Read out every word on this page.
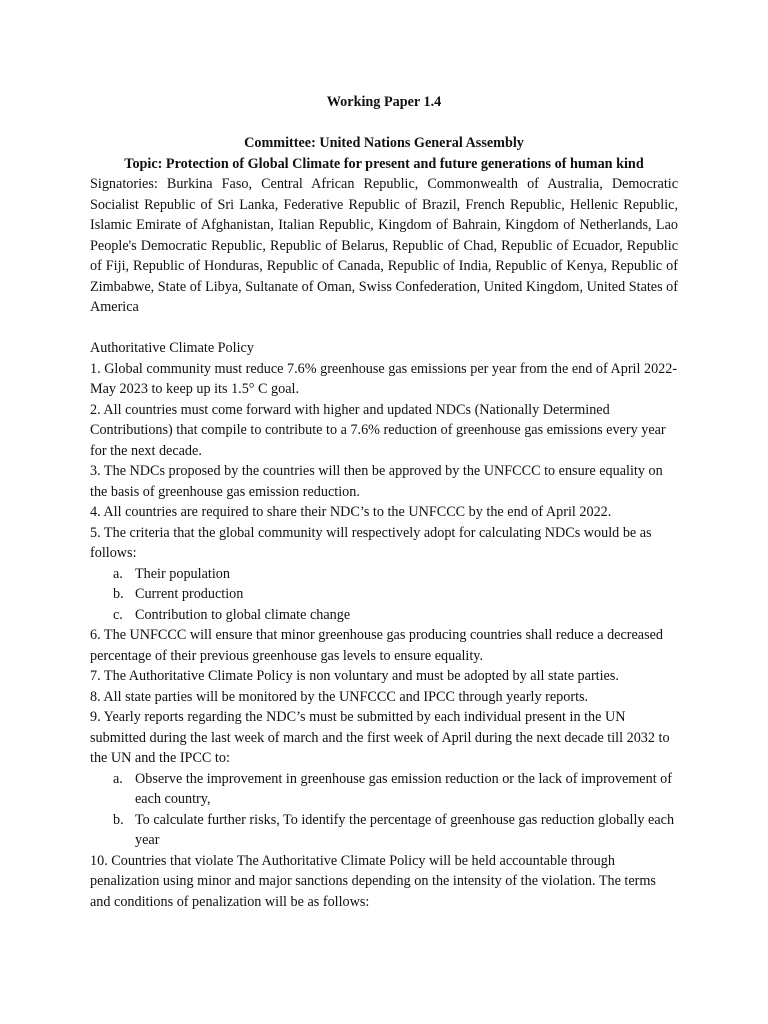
Working Paper 1.4

Committee: United Nations General Assembly

Topic: Protection of Global Climate for present and future generations of human kind

Signatories: Burkina Faso, Central African Republic, Commonwealth of Australia, Democratic Socialist Republic of Sri Lanka, Federative Republic of Brazil, French Republic, Hellenic Republic, Islamic Emirate of Afghanistan, Italian Republic, Kingdom of Bahrain, Kingdom of Netherlands, Lao People's Democratic Republic, Republic of Belarus, Republic of Chad, Republic of Ecuador, Republic of Fiji, Republic of Honduras, Republic of Canada, Republic of India, Republic of Kenya, Republic of Zimbabwe, State of Libya, Sultanate of Oman, Swiss Confederation, United Kingdom, United States of America

Authoritative Climate Policy

1. Global community must reduce 7.6% greenhouse gas emissions per year from the end of April 2022- May 2023 to keep up its 1.5° C goal.

2. All countries must come forward with higher and updated NDCs (Nationally Determined Contributions) that compile to contribute to a 7.6% reduction of greenhouse gas emissions every year for the next decade.

3. The NDCs proposed by the countries will then be approved by the UNFCCC to ensure equality on the basis of greenhouse gas emission reduction.

4. All countries are required to share their NDC’s to the UNFCCC by the end of April 2022.

5. The criteria that the global community will respectively adopt for calculating NDCs would be as follows:

a. Their population
b. Current production
c. Contribution to global climate change

6. The UNFCCC will ensure that minor greenhouse gas producing countries shall reduce a decreased percentage of their previous greenhouse gas levels to ensure equality.

7. The Authoritative Climate Policy is non voluntary and must be adopted by all state parties.

8. All state parties will be monitored by the UNFCCC and IPCC through yearly reports.

9. Yearly reports regarding the NDC’s must be submitted by each individual present in the UN submitted during the last week of march and the first week of April during the next decade till 2032 to the UN and the IPCC to:

a. Observe the improvement in greenhouse gas emission reduction or the lack of improvement of each country,
b. To calculate further risks, To identify the percentage of greenhouse gas reduction globally each year

10. Countries that violate The Authoritative Climate Policy will be held accountable through penalization using minor and major sanctions depending on the intensity of the violation. The terms and conditions of penalization will be as follows:
